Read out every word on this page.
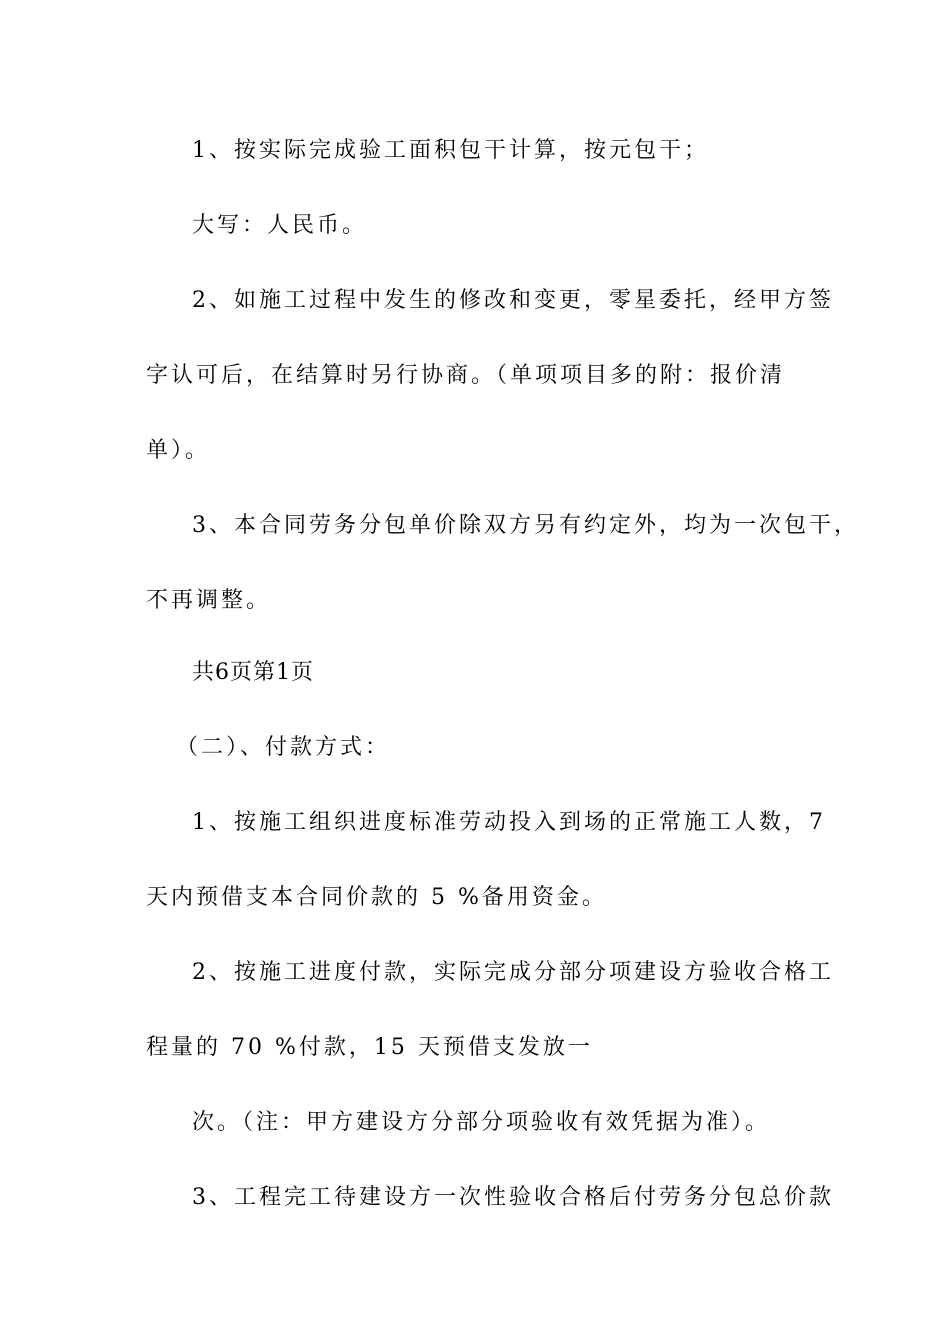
1、按实际完成验工面积包干计算，按元包干；
大写：人民币。
2、如施工过程中发生的修改和变更，零星委托，经甲方签
字认可后，在结算时另行协商。（单项项目多的附：报价清
单）。
3、本合同劳务分包单价除双方另有约定外，均为一次包干，
不再调整。
共6页第1页
（二）、付款方式：
1、按施工组织进度标准劳动投入到场的正常施工人数，7
天内预借支本合同价款的 5 %备用资金。
2、按施工进度付款，实际完成分部分项建设方验收合格工
程量的 70 %付款，15 天预借支发放一
次。（注：甲方建设方分部分项验收有效凭据为准）。
3、工程完工待建设方一次性验收合格后付劳务分包总价款
